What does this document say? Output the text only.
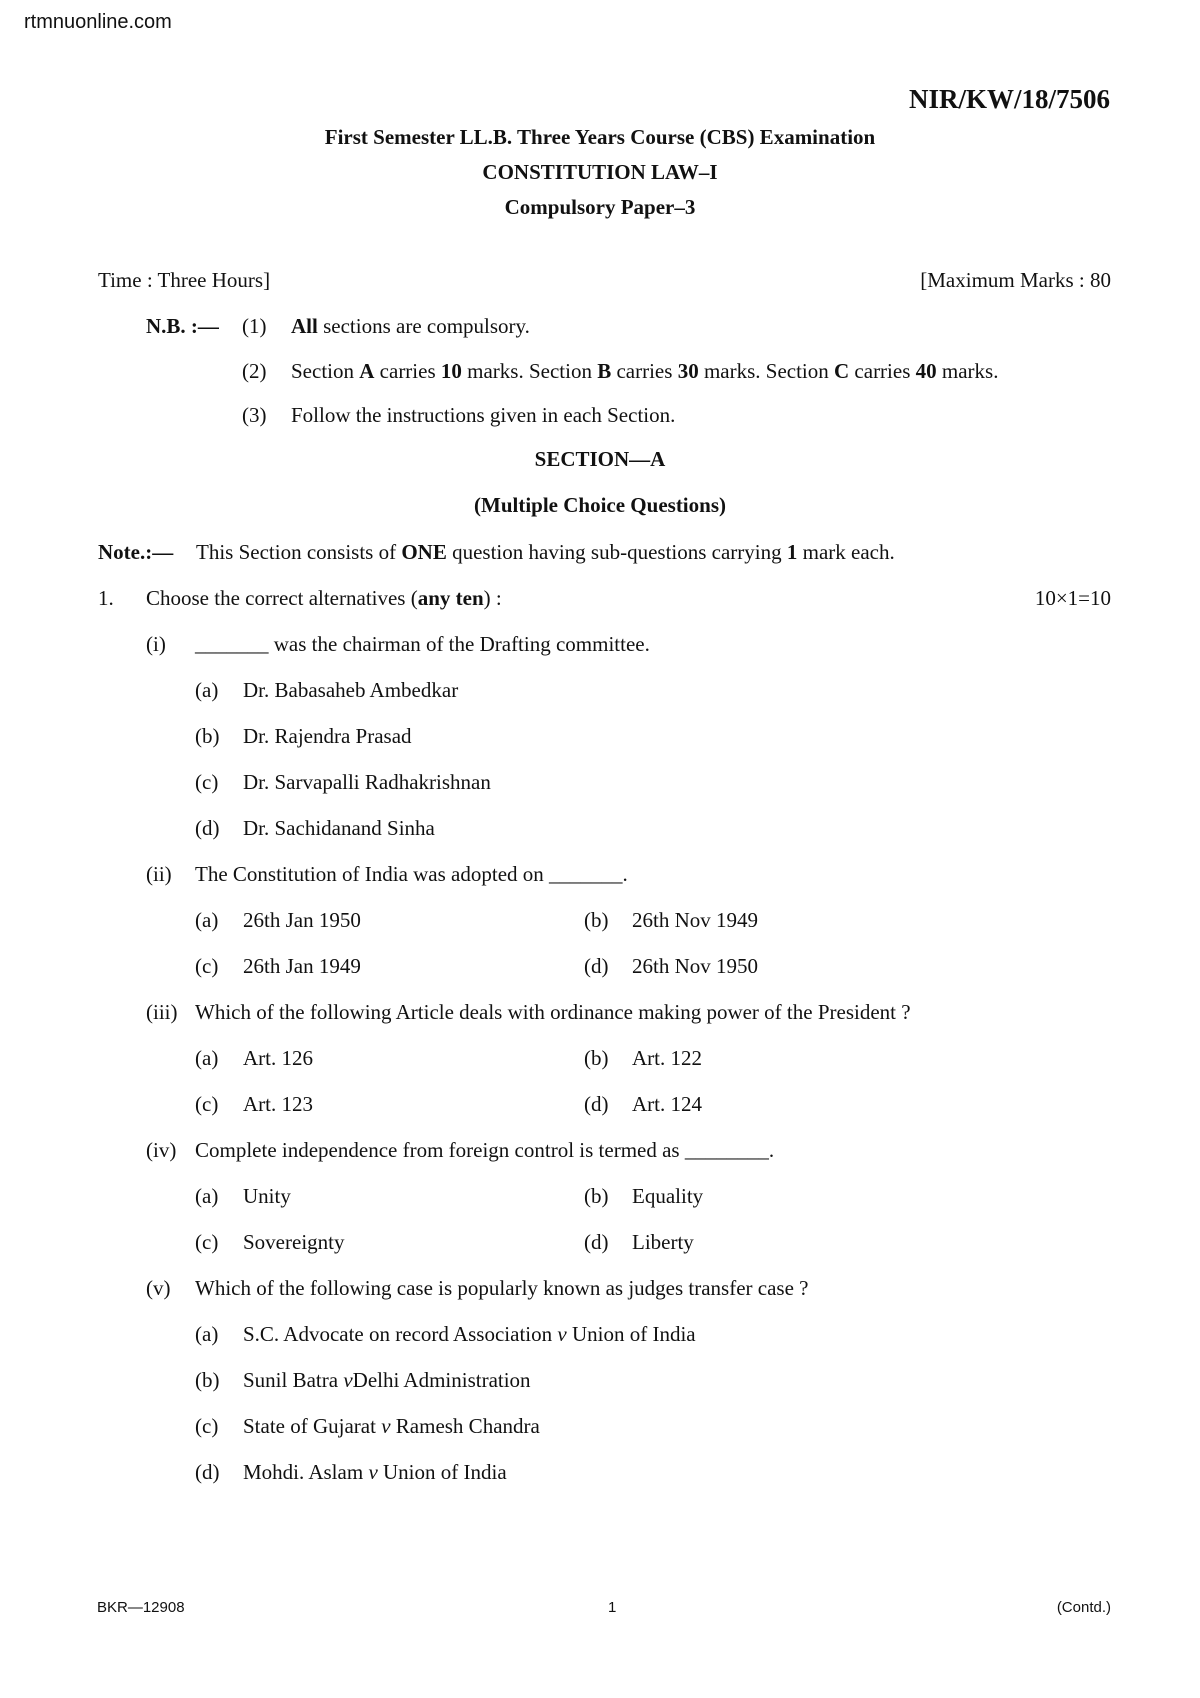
rtmnuonline.com
NIR/KW/18/7506
First Semester LL.B. Three Years Course (CBS) Examination
CONSTITUTION LAW–I
Compulsory Paper–3
Time : Three Hours]	[Maximum Marks : 80
N.B. :— (1) All sections are compulsory.
(2) Section A carries 10 marks. Section B carries 30 marks. Section C carries 40 marks.
(3) Follow the instructions given in each Section.
SECTION—A
(Multiple Choice Questions)
Note.:— This Section consists of ONE question having sub-questions carrying 1 mark each.
1. Choose the correct alternatives (any ten) :	10×1=10
(i) _______ was the chairman of the Drafting committee.
(a) Dr. Babasaheb Ambedkar
(b) Dr. Rajendra Prasad
(c) Dr. Sarvapalli Radhakrishnan
(d) Dr. Sachidanand Sinha
(ii) The Constitution of India was adopted on _______.
(a) 26th Jan 1950	(b) 26th Nov 1949
(c) 26th Jan 1949	(d) 26th Nov 1950
(iii) Which of the following Article deals with ordinance making power of the President ?
(a) Art. 126	(b) Art. 122
(c) Art. 123	(d) Art. 124
(iv) Complete independence from foreign control is termed as ________.
(a) Unity	(b) Equality
(c) Sovereignty	(d) Liberty
(v) Which of the following case is popularly known as judges transfer case ?
(a) S.C. Advocate on record Association v Union of India
(b) Sunil Batra vDelhi Administration
(c) State of Gujarat v Ramesh Chandra
(d) Mohdi. Aslam v Union of India
BKR—12908	1	(Contd.)
